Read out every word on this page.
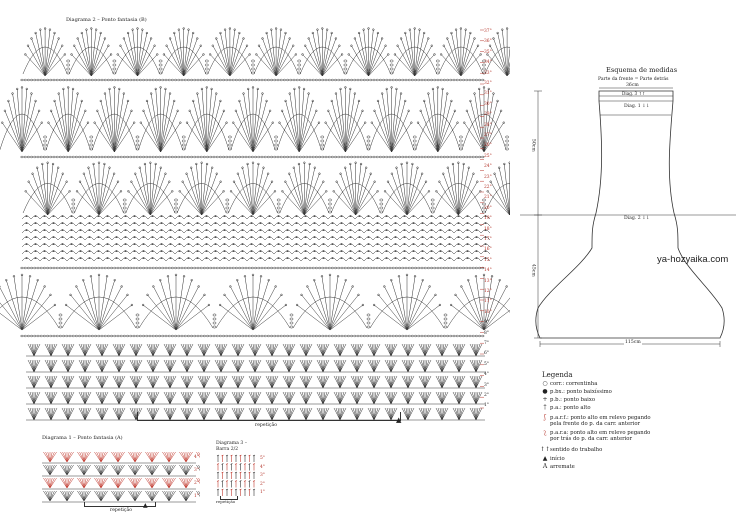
Diagrama 2 – Ponto fantasia (B)
37°
36°
35°
34°
33°
32°
31°
30°
29°
28°
27°
26°
25°
24°
23°
22°
21°
20°
19°
18°
17°
16°
15°
14°
13°
12°
11°
10°
9°
8°
7°
6°
5°
4°
3°
2°
1°
repetição
▲
Diagrama 1 – Ponto fantasia (A)
4°
3°
2°
1°
repetição
▲
Diagrama 3 –
Barra 2/2
5°
4°
3°
2°
1°
repetição
Esquema de medidas
Parte da frente = Parte detrás
36cm
Diag. 3 ↑↑
Diag. 1 ↓↓
Diag. 2 ↓↓
50cm
45cm
115cm
ya-hozyaika.com
Legenda
○ corr.: correntinha
● p.bx.: ponto baixíssimo
+ p.b.: ponto baixo
† p.a.: ponto alto
ʃ p.a.r.f.: ponto alto em relevo pegando
pela frente do p. da carr. anterior
ʅ p.a.r.a: ponto alto em relevo pegando
por trás do p. da carr. anterior
↑↑ sentido do trabalho
▲ início
A arremate
